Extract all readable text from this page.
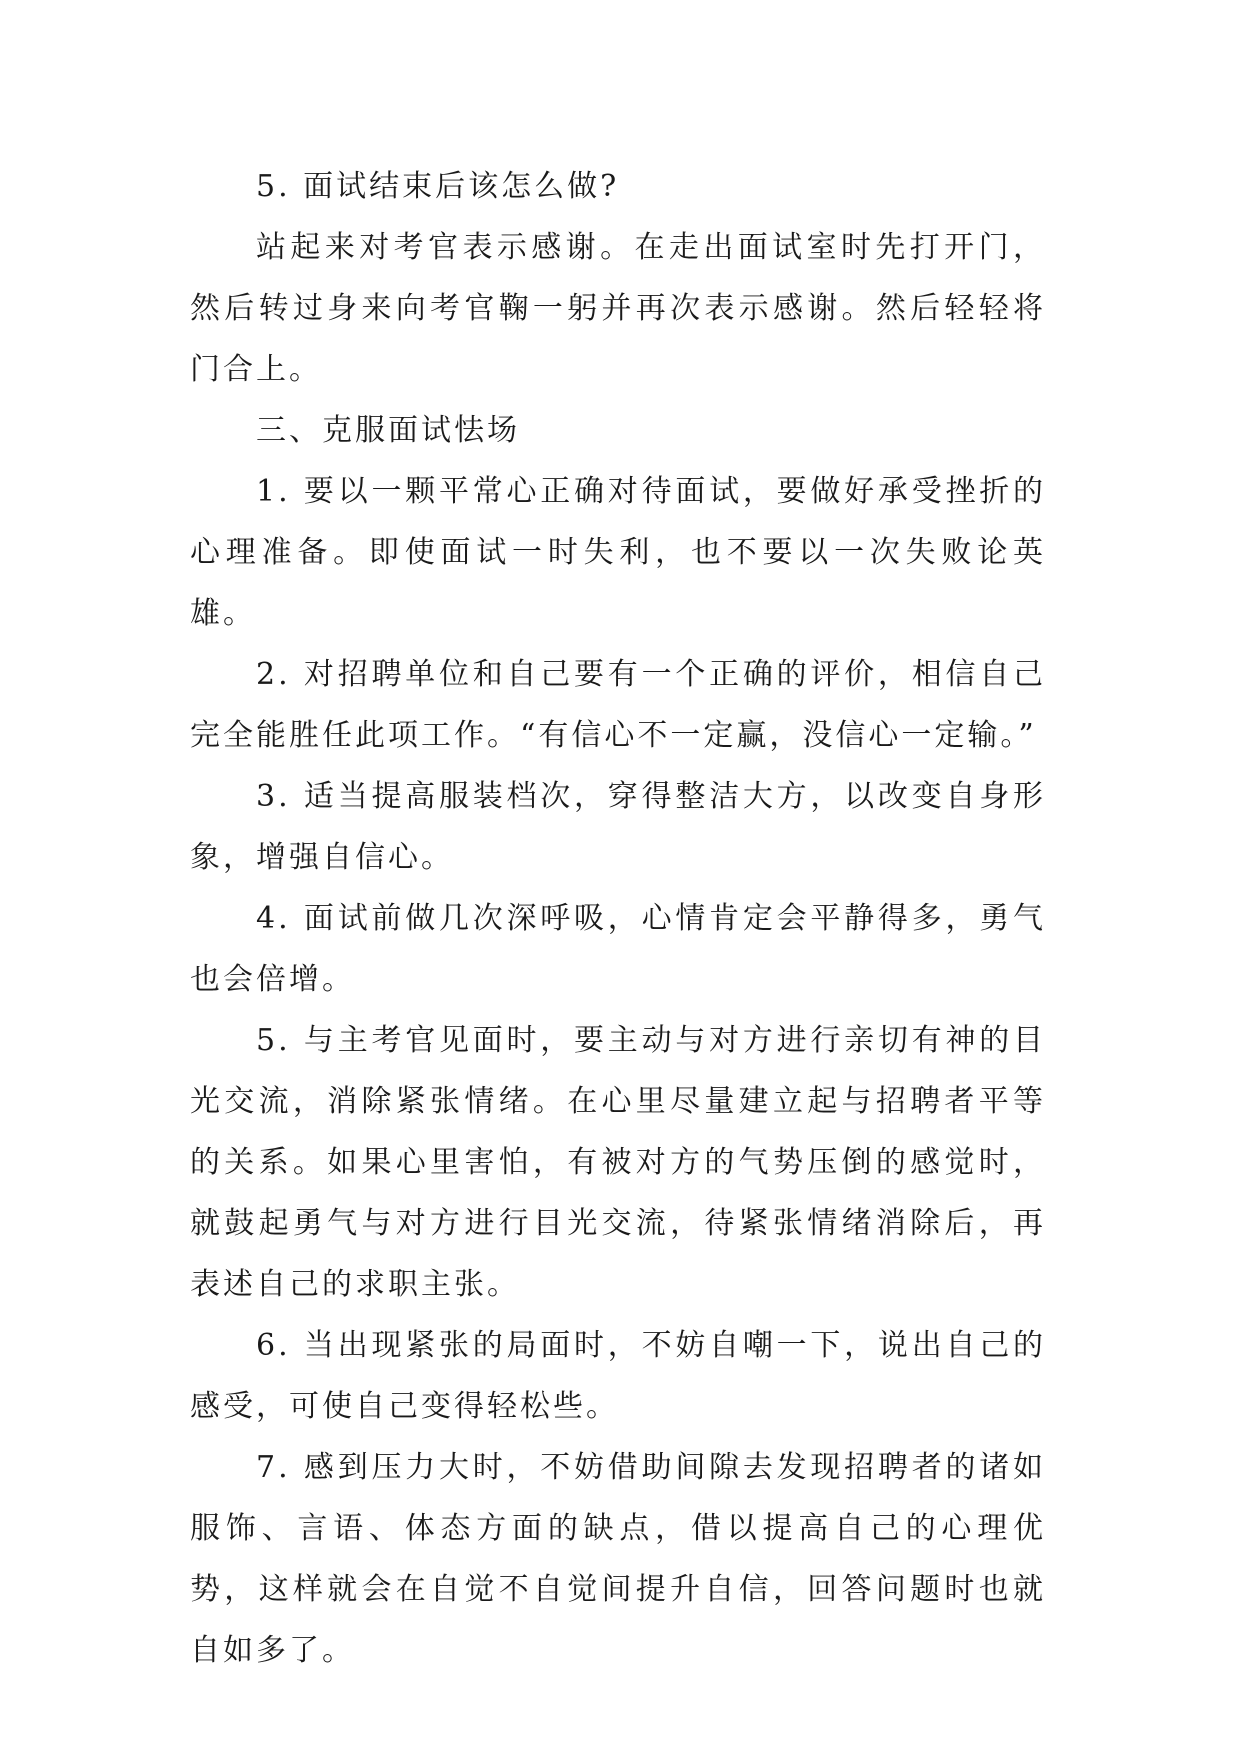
5. 面试结束后该怎么做?

站起来对考官表示感谢。在走出面试室时先打开门，然后转过身来向考官鞠一躬并再次表示感谢。然后轻轻将门合上。

三、克服面试怯场

1. 要以一颗平常心正确对待面试，要做好承受挫折的心理准备。即使面试一时失利，也不要以一次失败论英雄。

2. 对招聘单位和自己要有一个正确的评价，相信自己完全能胜任此项工作。“有信心不一定赢，没信心一定输。”

3. 适当提高服装档次，穿得整洁大方，以改变自身形象，增强自信心。

4. 面试前做几次深呼吸，心情肯定会平静得多，勇气也会倍增。

5. 与主考官见面时，要主动与对方进行亲切有神的目光交流，消除紧张情绪。在心里尽量建立起与招聘者平等的关系。如果心里害怕，有被对方的气势压倒的感觉时，就鼓起勇气与对方进行目光交流，待紧张情绪消除后，再表述自己的求职主张。

6. 当出现紧张的局面时，不妨自嘲一下，说出自己的感受，可使自己变得轻松些。

7. 感到压力大时，不妨借助间隙去发现招聘者的诸如服饰、言语、体态方面的缺点，借以提高自己的心理优势，这样就会在自觉不自觉间提升自信，回答问题时也就自如多了。
